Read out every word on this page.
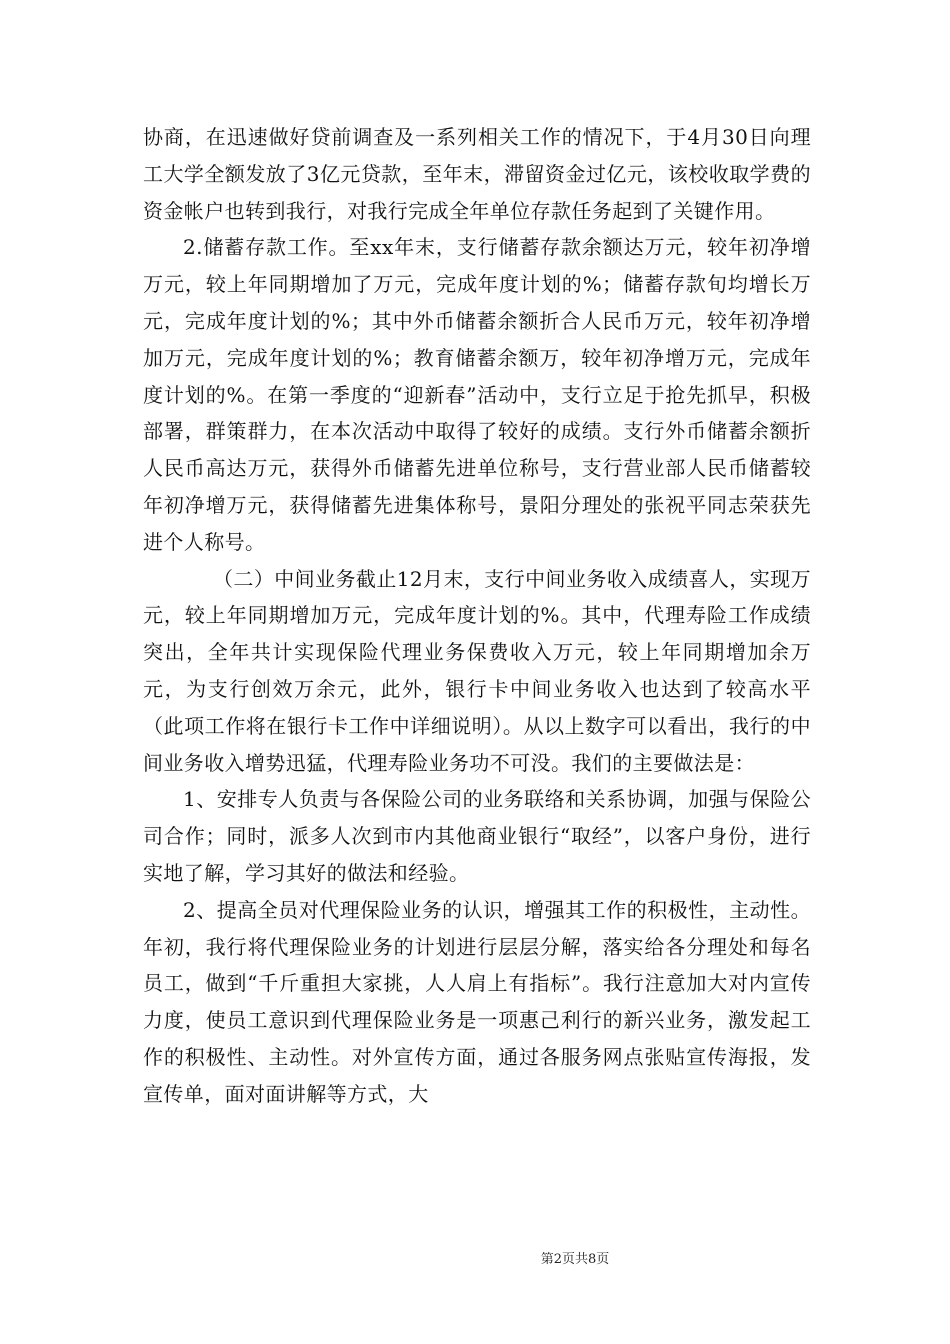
协商，在迅速做好贷前调查及一系列相关工作的情况下，于4月30日向理工大学全额发放了3亿元贷款，至年末，滞留资金过亿元，该校收取学费的资金帐户也转到我行，对我行完成全年单位存款任务起到了关键作用。

2.储蓄存款工作。至xx年末，支行储蓄存款余额达万元，较年初净增万元，较上年同期增加了万元，完成年度计划的%；储蓄存款旬均增长万元，完成年度计划的%；其中外币储蓄余额折合人民币万元，较年初净增加万元，完成年度计划的%；教育储蓄余额万，较年初净增万元，完成年度计划的%。在第一季度的“迎新春”活动中，支行立足于抢先抓早，积极部署，群策群力，在本次活动中取得了较好的成绩。支行外币储蓄余额折人民币高达万元，获得外币储蓄先进单位称号，支行营业部人民币储蓄较年初净增万元，获得储蓄先进集体称号，景阳分理处的张祝平同志荣获先进个人称号。

（二）中间业务截止12月末，支行中间业务收入成绩喜人，实现万元，较上年同期增加万元，完成年度计划的%。其中，代理寿险工作成绩突出，全年共计实现保险代理业务保费收入万元，较上年同期增加余万元，为支行创效万余元，此外，银行卡中间业务收入也达到了较高水平（此项工作将在银行卡工作中详细说明）。从以上数字可以看出，我行的中间业务收入增势迅猛，代理寿险业务功不可没。我们的主要做法是：

1、安排专人负责与各保险公司的业务联络和关系协调，加强与保险公司合作；同时，派多人次到市内其他商业银行“取经”，以客户身份，进行实地了解，学习其好的做法和经验。

2、提高全员对代理保险业务的认识，增强其工作的积极性，主动性。年初，我行将代理保险业务的计划进行层层分解，落实给各分理处和每名员工，做到“千斤重担大家挑，人人肩上有指标”。我行注意加大对内宣传力度，使员工意识到代理保险业务是一项惠己利行的新兴业务，激发起工作的积极性、主动性。对外宣传方面，通过各服务网点张贴宣传海报，发宣传单，面对面讲解等方式，大

第2页共8页
